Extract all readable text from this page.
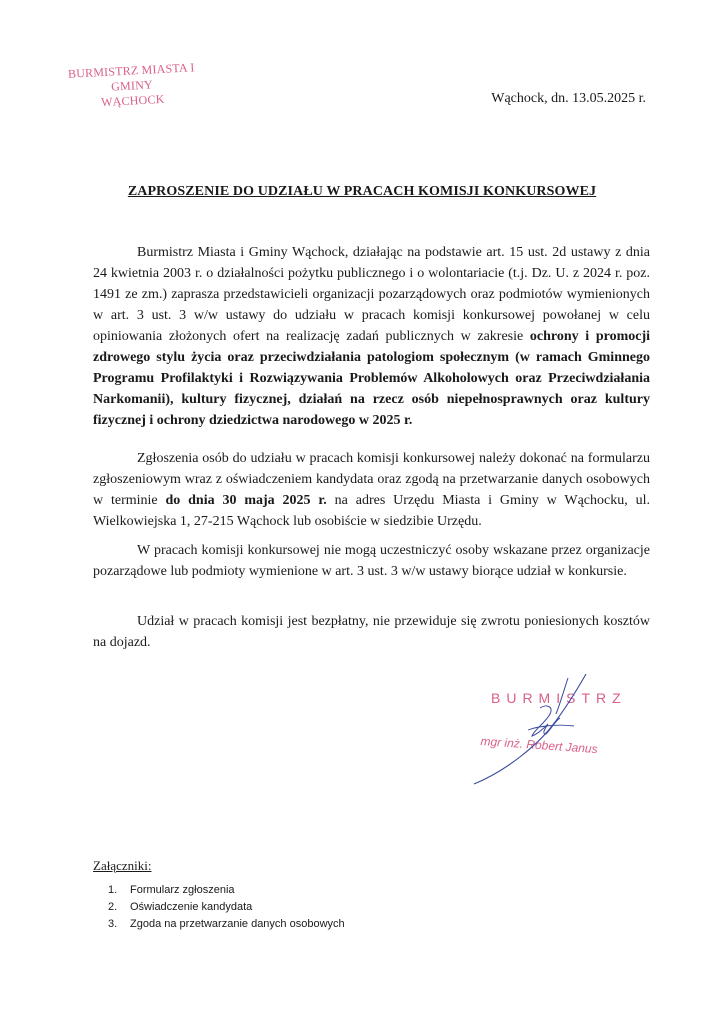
BURMISTRZ MIASTA I GMINY
WĄCHOCK	Wąchock, dn. 13.05.2025 r.
ZAPROSZENIE DO UDZIAŁU W PRACACH KOMISJI KONKURSOWEJ

Burmistrz Miasta i Gminy Wąchock, działając na podstawie art. 15 ust. 2d ustawy z dnia 24 kwietnia 2003 r. o działalności pożytku publicznego i o wolontariacie (t.j. Dz. U. z 2024 r. poz. 1491 ze zm.) zaprasza przedstawicieli organizacji pozarządowych oraz podmiotów wymienionych w art. 3 ust. 3 w/w ustawy do udziału w pracach komisji konkursowej powołanej w celu opiniowania złożonych ofert na realizację zadań publicznych w zakresie ochrony i promocji zdrowego stylu życia oraz przeciwdziałania patologiom społecznym (w ramach Gminnego Programu Profilaktyki i Rozwiązywania Problemów Alkoholowych oraz Przeciwdziałania Narkomanii), kultury fizycznej, działań na rzecz osób niepełnosprawnych oraz kultury fizycznej i ochrony dziedzictwa narodowego w 2025 r.

Zgłoszenia osób do udziału w pracach komisji konkursowej należy dokonać na formularzu zgłoszeniowym wraz z oświadczeniem kandydata oraz zgodą na przetwarzanie danych osobowych w terminie do dnia 30 maja 2025 r. na adres Urzędu Miasta i Gminy w Wąchocku, ul. Wielkowiejska 1, 27-215 Wąchock lub osobiście w siedzibie Urzędu.

W pracach komisji konkursowej nie mogą uczestniczyć osoby wskazane przez organizacje pozarządowe lub podmioty wymienione w art. 3 ust. 3 w/w ustawy biorące udział w konkursie.

Udział w pracach komisji jest bezpłatny, nie przewiduje się zwrotu poniesionych kosztów na dojazd.

BURMISTRZ
mgr inż. Robert Janus
Załączniki:
1.	Formularz zgłoszenia
2.	Oświadczenie kandydata
3.	Zgoda na przetwarzanie danych osobowych
